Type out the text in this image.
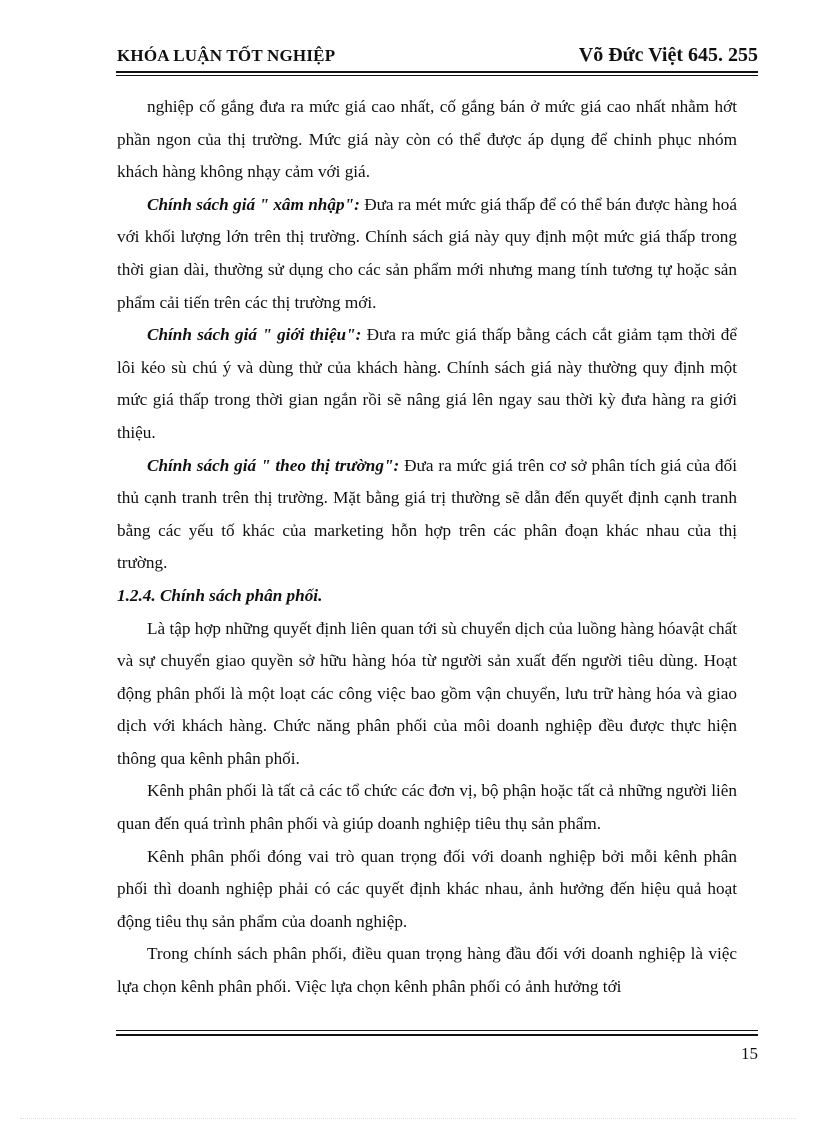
KHÓA LUẬN TỐT NGHIỆP	Võ Đức Việt 645. 255

nghiệp cố gắng đưa ra mức giá cao nhất, cố gắng bán ở mức giá cao nhất nhằm hớt phần ngon của thị trường. Mức giá này còn có thể được áp dụng để chinh phục nhóm khách hàng không nhạy cảm với giá.

Chính sách giá " xâm nhập": Đưa ra mét mức giá thấp để có thể bán được hàng hoá với khối lượng lớn trên thị trường. Chính sách giá này quy định một mức giá thấp trong thời gian dài, thường sử dụng cho các sản phẩm mới nhưng mang tính tương tự hoặc sản phẩm cải tiến trên các thị trường mới.

Chính sách giá " giới thiệu": Đưa ra mức giá thấp bằng cách cắt giảm tạm thời để lôi kéo sù chú ý và dùng thử của khách hàng. Chính sách giá này thường quy định một mức giá thấp trong thời gian ngắn rồi sẽ nâng giá lên ngay sau thời kỳ đưa hàng ra giới thiệu.

Chính sách giá " theo thị trường": Đưa ra mức giá trên cơ sở phân tích giá của đối thủ cạnh tranh trên thị trường. Mặt bằng giá trị thường sẽ dẫn đến quyết định cạnh tranh bằng các yếu tố khác của marketing hỗn hợp trên các phân đoạn khác nhau của thị trường.

1.2.4. Chính sách phân phối.

Là tập hợp những quyết định liên quan tới sù chuyển dịch của luồng hàng hóavật chất và sự chuyển giao quyền sở hữu hàng hóa từ người sản xuất đến người tiêu dùng. Hoạt động phân phối là một loạt các công việc bao gồm vận chuyển, lưu trữ hàng hóa và giao dịch với khách hàng. Chức năng phân phối của môi doanh nghiệp đều được thực hiện thông qua kênh phân phối.

Kênh phân phối là tất cả các tổ chức các đơn vị, bộ phận hoặc tất cả những người liên quan đến quá trình phân phối và giúp doanh nghiệp tiêu thụ sản phẩm.

Kênh phân phối đóng vai trò quan trọng đối với doanh nghiệp bởi mỗi kênh phân phối thì doanh nghiệp phải có các quyết định khác nhau, ảnh hưởng đến hiệu quả hoạt động tiêu thụ sản phẩm của doanh nghiệp.

Trong chính sách phân phối, điều quan trọng hàng đầu đối với doanh nghiệp là việc lựa chọn kênh phân phối. Việc lựa chọn kênh phân phối có ảnh hưởng tới

15
